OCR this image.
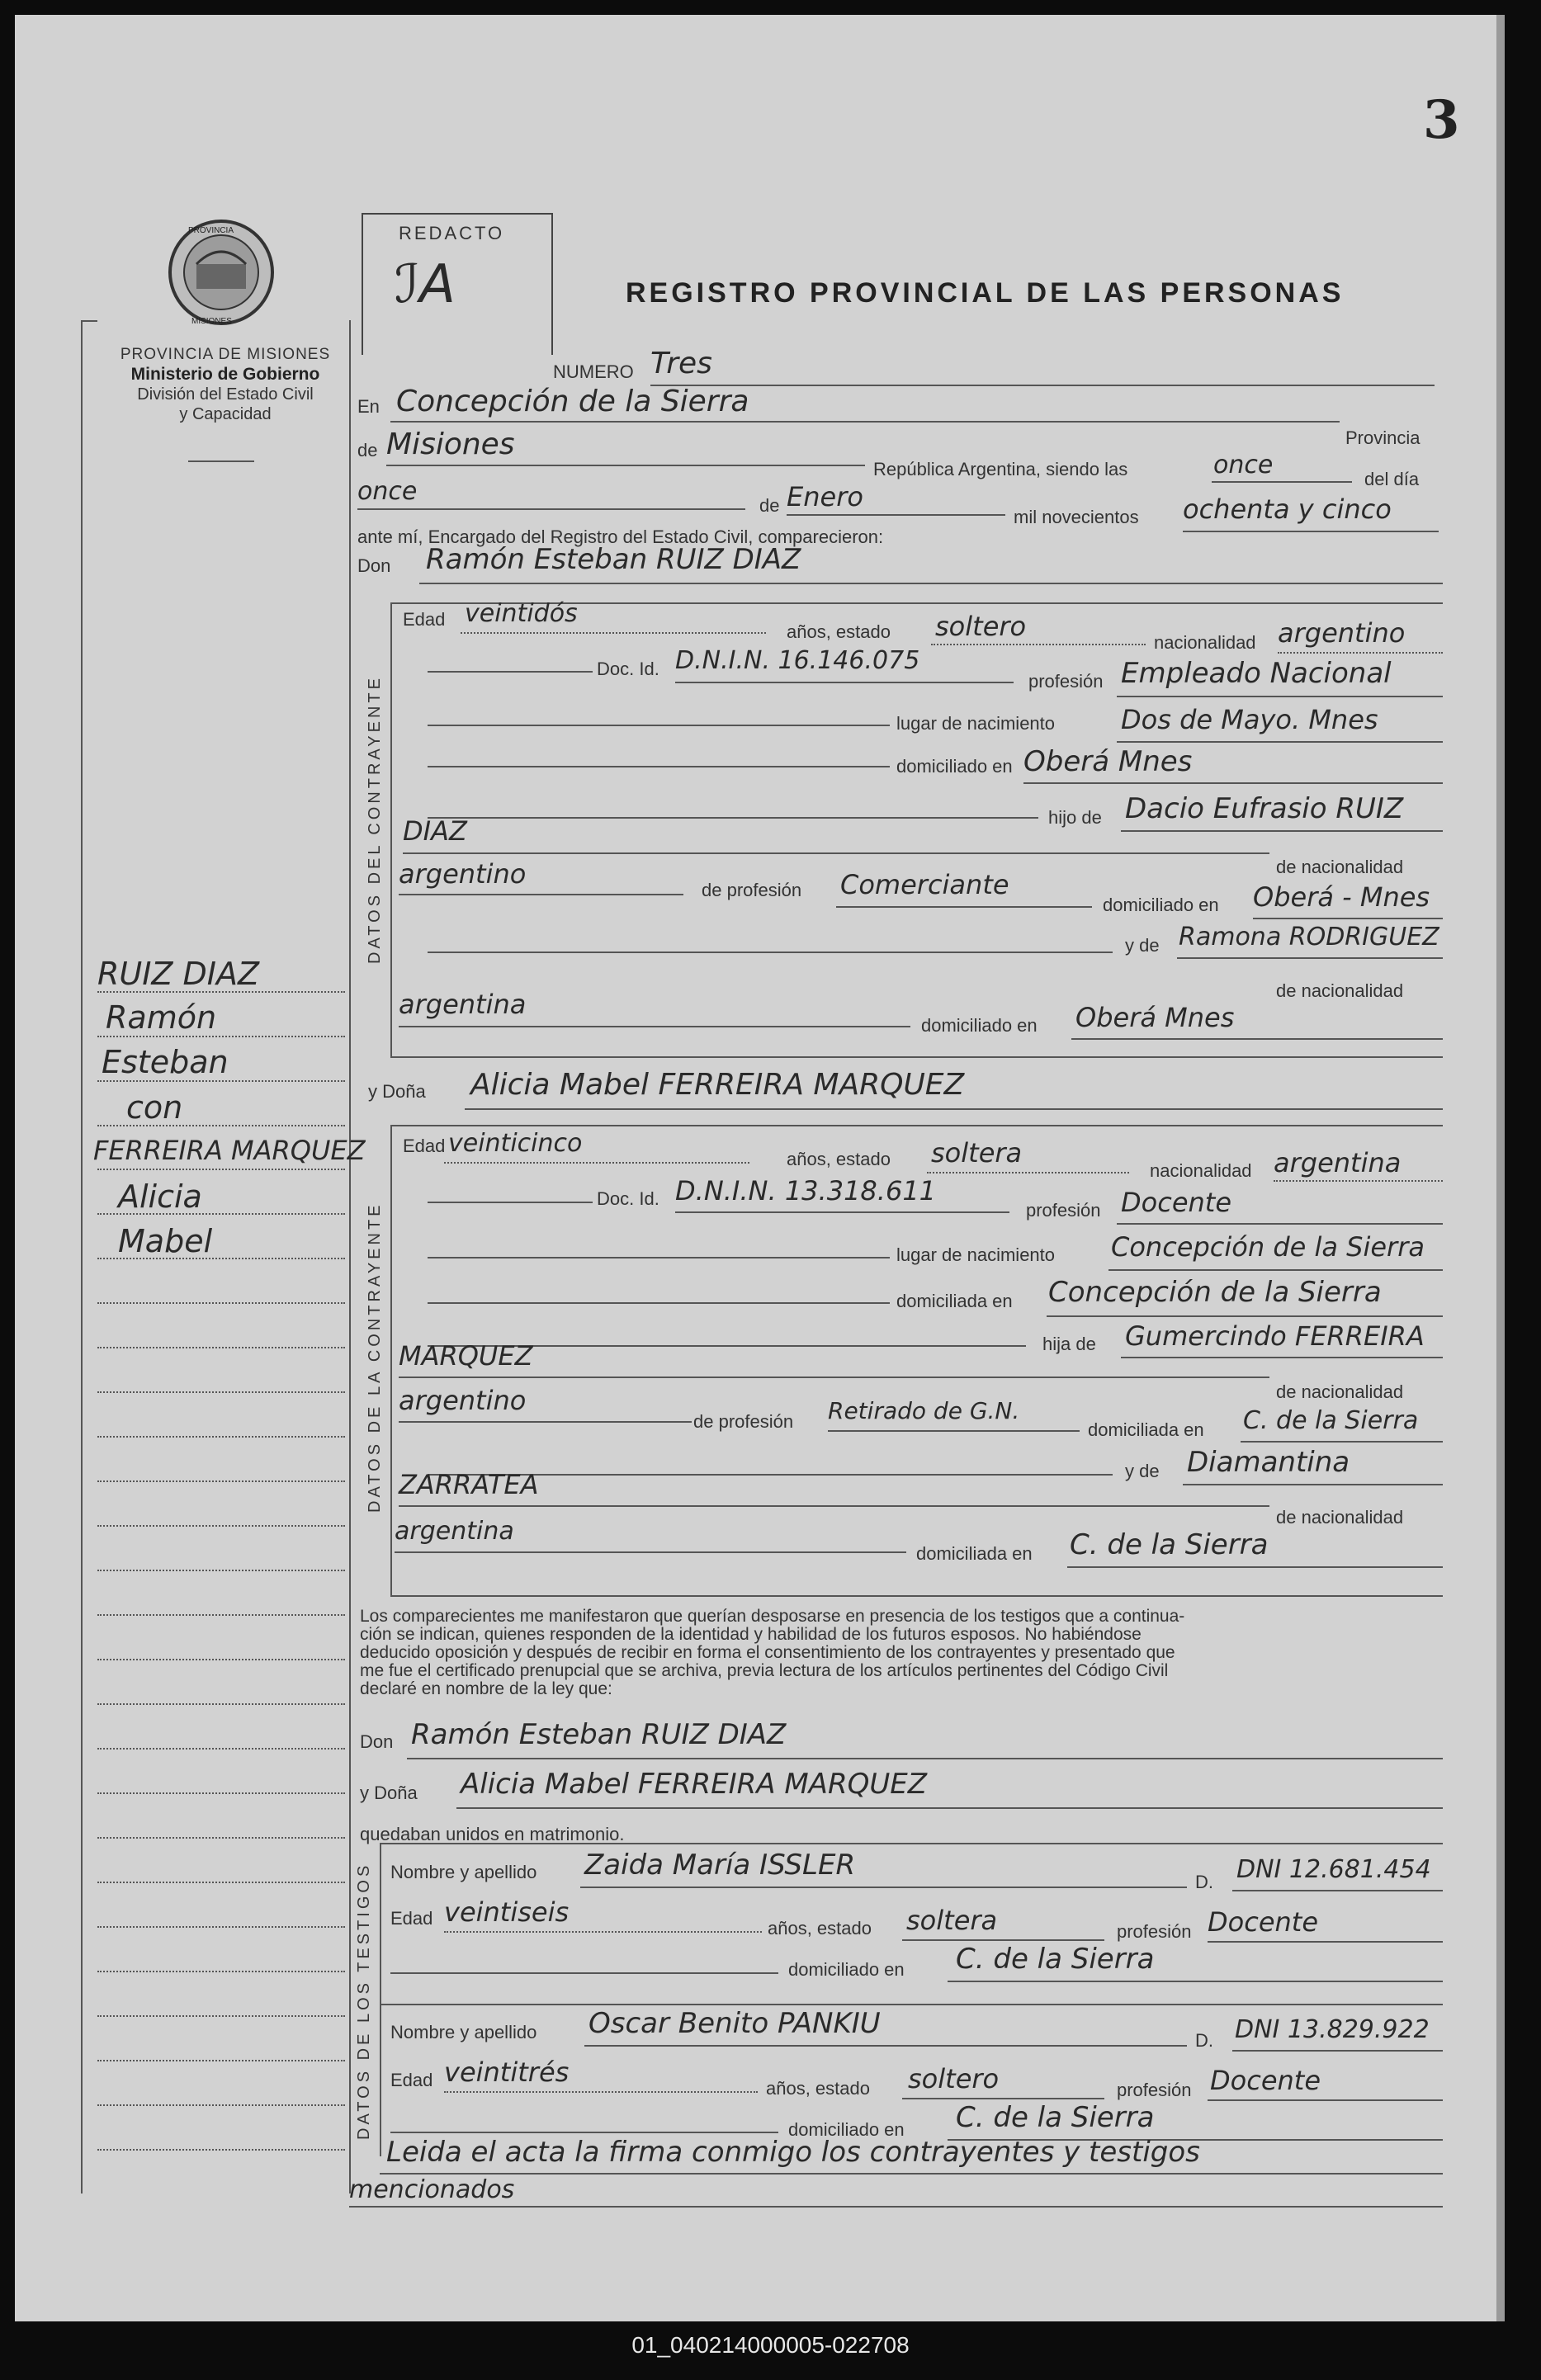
3
PROVINCIA
MISIONES
PROVINCIA DE MISIONES
Ministerio de Gobierno
División del Estado Civil
y Capacidad
REDACTO
ℐA	REGISTRO PROVINCIAL DE LAS PERSONAS
RUIZ DIAZ
Ramón
Esteban
con
FERREIRA MARQUEZ
Alicia
Mabel
NUMERO Tres
En Concepción de la Sierra
Provincia
de Misiones
República Argentina, siendo las	once	del día
once	de Enero
mil novecientos ochenta y cinco
ante mí, Encargado del Registro del Estado Civil, comparecieron:
Don Ramón Esteban RUIZ DIAZ
DATOS DEL CONTRAYENTE
Edad veintidós
años, estado soltero
nacionalidad argentino
Doc. Id. D.N.I.N. 16.146.075
profesión Empleado Nacional
lugar de nacimiento Dos de Mayo. Mnes
domiciliado en Oberá Mnes
hijo de Dacio Eufrasio RUIZ
DIAZ
de nacionalidad
argentino
de profesión Comerciante
domiciliado en Oberá - Mnes
y de Ramona RODRIGUEZ
de nacionalidad
argentina
domiciliado en Oberá Mnes
y Doña Alicia Mabel FERREIRA MARQUEZ
DATOS DE LA CONTRAYENTE
Edad veinticinco
años, estado soltera
nacionalidad argentina
Doc. Id. D.N.I.N. 13.318.611
profesión Docente
lugar de nacimiento Concepción de la Sierra
domiciliada en Concepción de la Sierra
hija de Gumercindo FERREIRA
MARQUEZ
de nacionalidad
argentino
de profesión Retirado de G.N.
domiciliada en C. de la Sierra
y de Diamantina
ZARRATEA
de nacionalidad
argentina
domiciliada en C. de la Sierra
Los comparecientes me manifestaron que querían desposarse en presencia de los testigos que a continua-
ción se indican, quienes responden de la identidad y habilidad de los futuros esposos. No habiéndose
deducido oposición y después de recibir en forma el consentimiento de los contrayentes y presentado que
me fue el certificado prenupcial que se archiva, previa lectura de los artículos pertinentes del Código Civil
declaré en nombre de la ley que:
Don Ramón Esteban RUIZ DIAZ
y Doña Alicia Mabel FERREIRA MARQUEZ
quedaban unidos en matrimonio.
DATOS DE LOS TESTIGOS Nombre y apellido Zaida María ISSLER
D. DNI 12.681.454
Edad veintiseis
años, estado soltera	profesión Docente
domiciliado en C. de la Sierra
Nombre y apellido Oscar Benito PANKIU
D. DNI 13.829.922
Edad veintitrés
años, estado soltero	profesión Docente
domiciliado en C. de la Sierra
Leida el acta la firma conmigo los contrayentes y testigos
mencionados
01_040214000005-022708
